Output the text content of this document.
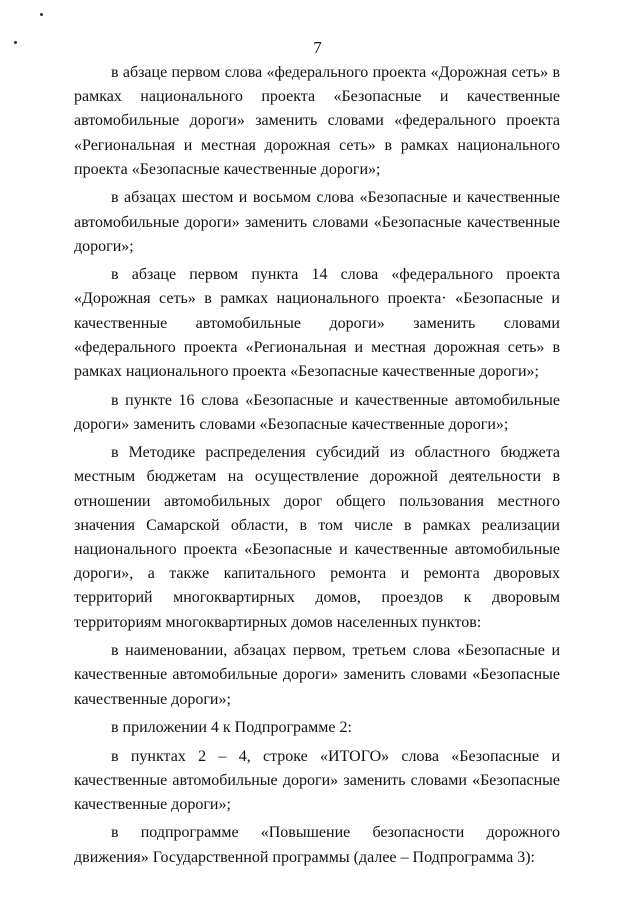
7

в абзаце первом слова «федерального проекта «Дорожная сеть» в рамках национального проекта «Безопасные и качественные автомобильные дороги» заменить словами «федерального проекта «Региональная и местная дорожная сеть» в рамках национального проекта «Безопасные качественные дороги»;

в абзацах шестом и восьмом слова «Безопасные и качественные автомобильные дороги» заменить словами «Безопасные качественные дороги»;

в абзаце первом пункта 14 слова «федерального проекта «Дорожная сеть» в рамках национального проекта· «Безопасные и качественные автомобильные дороги» заменить словами «федерального проекта «Региональная и местная дорожная сеть» в рамках национального проекта «Безопасные качественные дороги»;

в пункте 16 слова «Безопасные и качественные автомобильные дороги» заменить словами «Безопасные качественные дороги»;

в Методике распределения субсидий из областного бюджета местным бюджетам на осуществление дорожной деятельности в отношении автомобильных дорог общего пользования местного значения Самарской области, в том числе в рамках реализации национального проекта «Безопасные и качественные автомобильные дороги», а также капитального ремонта и ремонта дворовых территорий многоквартирных домов, проездов к дворовым территориям многоквартирных домов населенных пунктов:

в наименовании, абзацах первом, третьем слова «Безопасные и качественные автомобильные дороги» заменить словами «Безопасные качественные дороги»;

в приложении 4 к Подпрограмме 2:

в пунктах 2 – 4, строке «ИТОГО» слова «Безопасные и качественные автомобильные дороги» заменить словами «Безопасные качественные дороги»;

в подпрограмме «Повышение безопасности дорожного движения» Государственной программы (далее – Подпрограмма 3):
